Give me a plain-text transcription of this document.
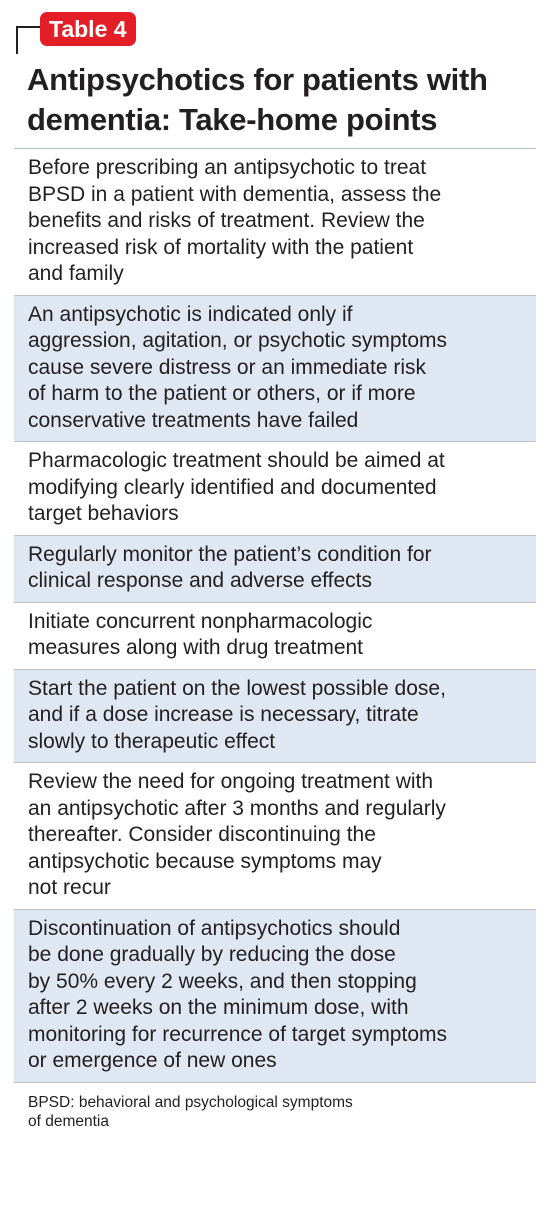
Table 4
Antipsychotics for patients with
dementia: Take-home points
Before prescribing an antipsychotic to treat
BPSD in a patient with dementia, assess the
benefits and risks of treatment. Review the
increased risk of mortality with the patient
and family
An antipsychotic is indicated only if
aggression, agitation, or psychotic symptoms
cause severe distress or an immediate risk
of harm to the patient or others, or if more
conservative treatments have failed
Pharmacologic treatment should be aimed at
modifying clearly identified and documented
target behaviors
Regularly monitor the patient’s condition for
clinical response and adverse effects
Initiate concurrent nonpharmacologic
measures along with drug treatment
Start the patient on the lowest possible dose,
and if a dose increase is necessary, titrate
slowly to therapeutic effect
Review the need for ongoing treatment with
an antipsychotic after 3 months and regularly
thereafter. Consider discontinuing the
antipsychotic because symptoms may
not recur
Discontinuation of antipsychotics should
be done gradually by reducing the dose
by 50% every 2 weeks, and then stopping
after 2 weeks on the minimum dose, with
monitoring for recurrence of target symptoms
or emergence of new ones
BPSD: behavioral and psychological symptoms
of dementia
